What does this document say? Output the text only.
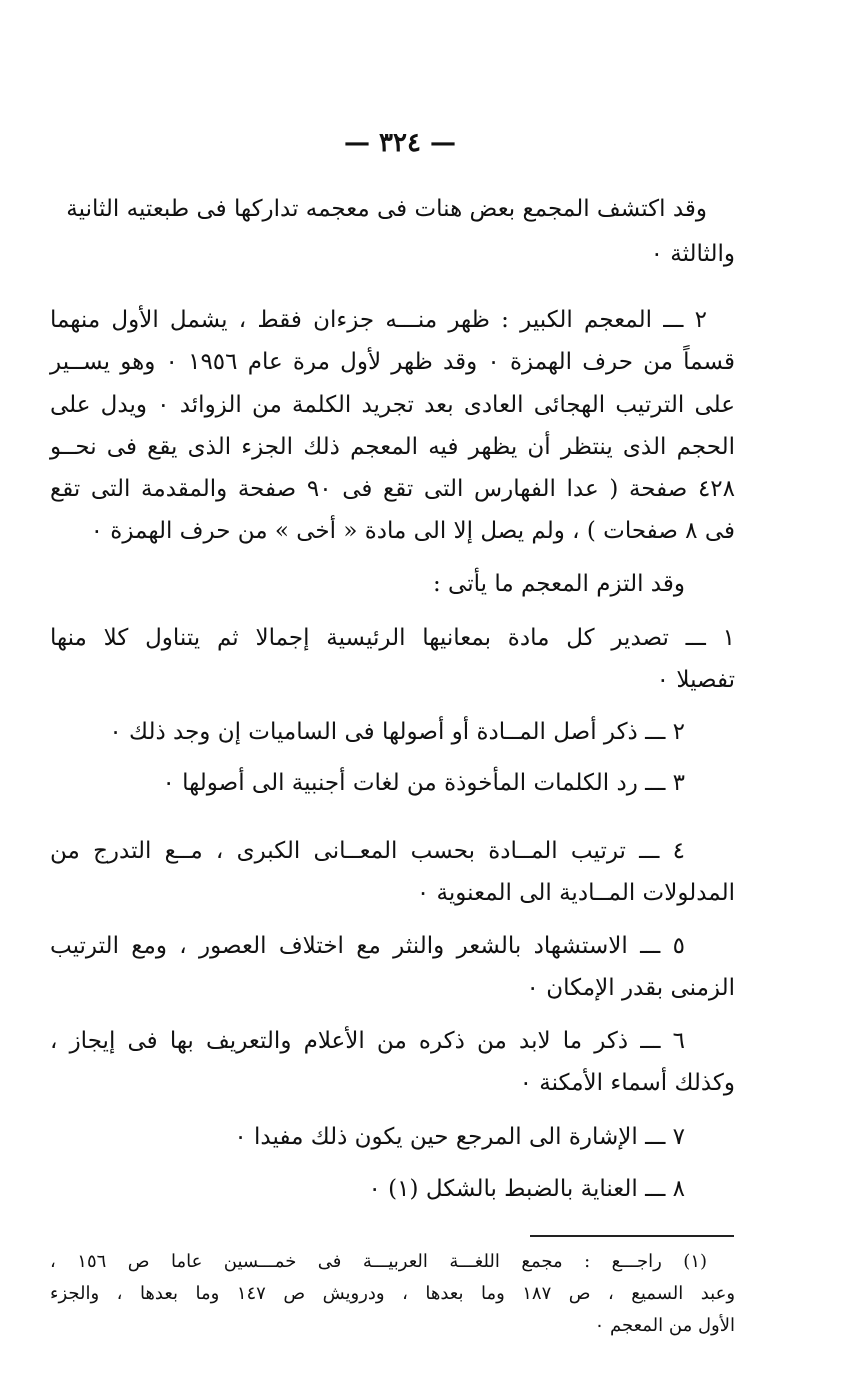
— ٣٢٤ —
وقد اكتشف المجمع بعض هنات فى معجمه تداركها فى طبعتيه الثانية
والثالثة ٠
٢ ـــ المعجم الكبير : ظهر منـــه جزءان فقط ، يشمل الأول منهما
قسماً من حرف الهمزة ٠ وقد ظهر لأول مرة عام ١٩٥٦ ٠ وهو يســير
على الترتيب الهجائى العادى بعد تجريد الكلمة من الزوائد ٠ ويدل على
الحجم الذى ينتظر أن يظهر فيه المعجم ذلك الجزء الذى يقع فى نحــو
٤٢٨ صفحة ( عدا الفهارس التى تقع فى ٩٠ صفحة والمقدمة التى تقع
فى ٨ صفحات ) ، ولم يصل إلا الى مادة « أخى » من حرف الهمزة ٠
وقد التزم المعجم ما يأتى :
١ ـــ تصدير كل مادة بمعانيها الرئيسية إجمالا ثم يتناول كلا منها
تفصيلا ٠
٢ ـــ ذكر أصل المــادة أو أصولها فى الساميات إن وجد ذلك ٠
٣ ـــ رد الكلمات المأخوذة من لغات أجنبية الى أصولها ٠
٤ ـــ ترتيب المــادة بحسب المعــانى الكبرى ، مــع التدرج من
المدلولات المــادية الى المعنوية ٠
٥ ـــ الاستشهاد بالشعر والنثر مع اختلاف العصور ، ومع الترتيب
الزمنى بقدر الإمكان ٠
٦ ـــ ذكر ما لابد من ذكره من الأعلام والتعريف بها فى إيجاز ،
وكذلك أسماء الأمكنة ٠
٧ ـــ الإشارة الى المرجع حين يكون ذلك مفيدا ٠
٨ ـــ العناية بالضبط بالشكل (١) ٠
(١) راجـــع : مجمع اللغـــة العربيـــة فى خمـــسين عاما ص ١٥٦ ،
وعبد السميع ، ص ١٨٧ وما بعدها ، ودرويش ص ١٤٧ وما بعدها ، والجزء
الأول من المعجم ٠
